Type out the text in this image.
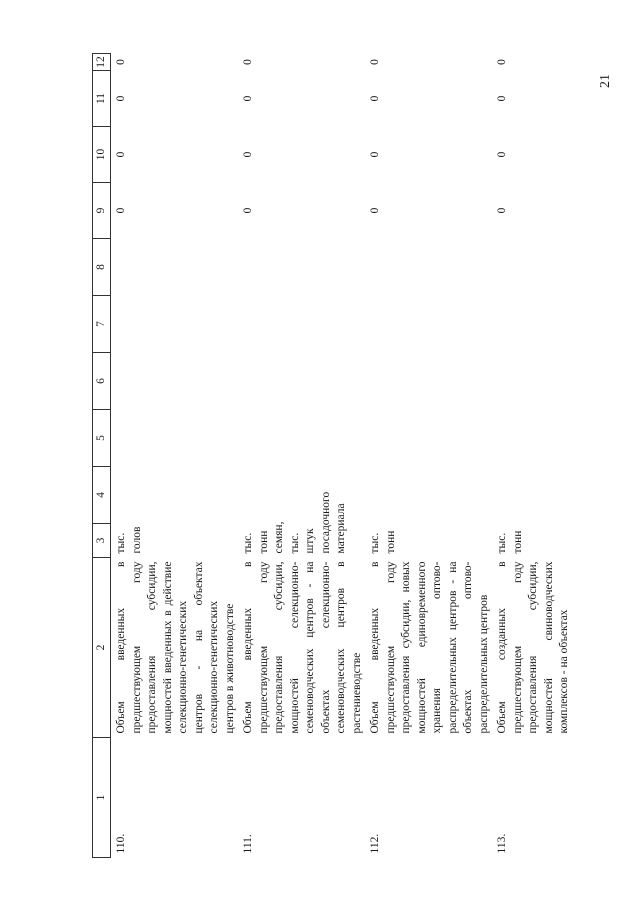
21
1	2	3	4	5	6	7	8	9	10	11	12
110.	Объем введенных в предшествующем году предоставления субсидии, мощностей введенных в действие селекционно-генетических центров - на объектах селекционно-генетических центров в животноводстве	тыс. голов						0	0	0	0
111.	Объем введенных в предшествующем году предоставления субсидии, мощностей селекционно-семеноводческих центров - на объектах селекционно-семеноводческих центров в растениеводстве	тыс. тонн семян, тыс. штук посадочного материала						0	0	0	0
112.	Объем введенных в предшествующем году предоставления субсидии, новых мощностей единовременного хранения оптово-распределительных центров - на объектах оптово-распределительных центров	тыс. тонн						0	0	0	0
113.	Объем созданных в предшествующем году предоставления субсидии, мощностей свиноводческих комплексов - на объектах	тыс. тонн						0	0	0	0
